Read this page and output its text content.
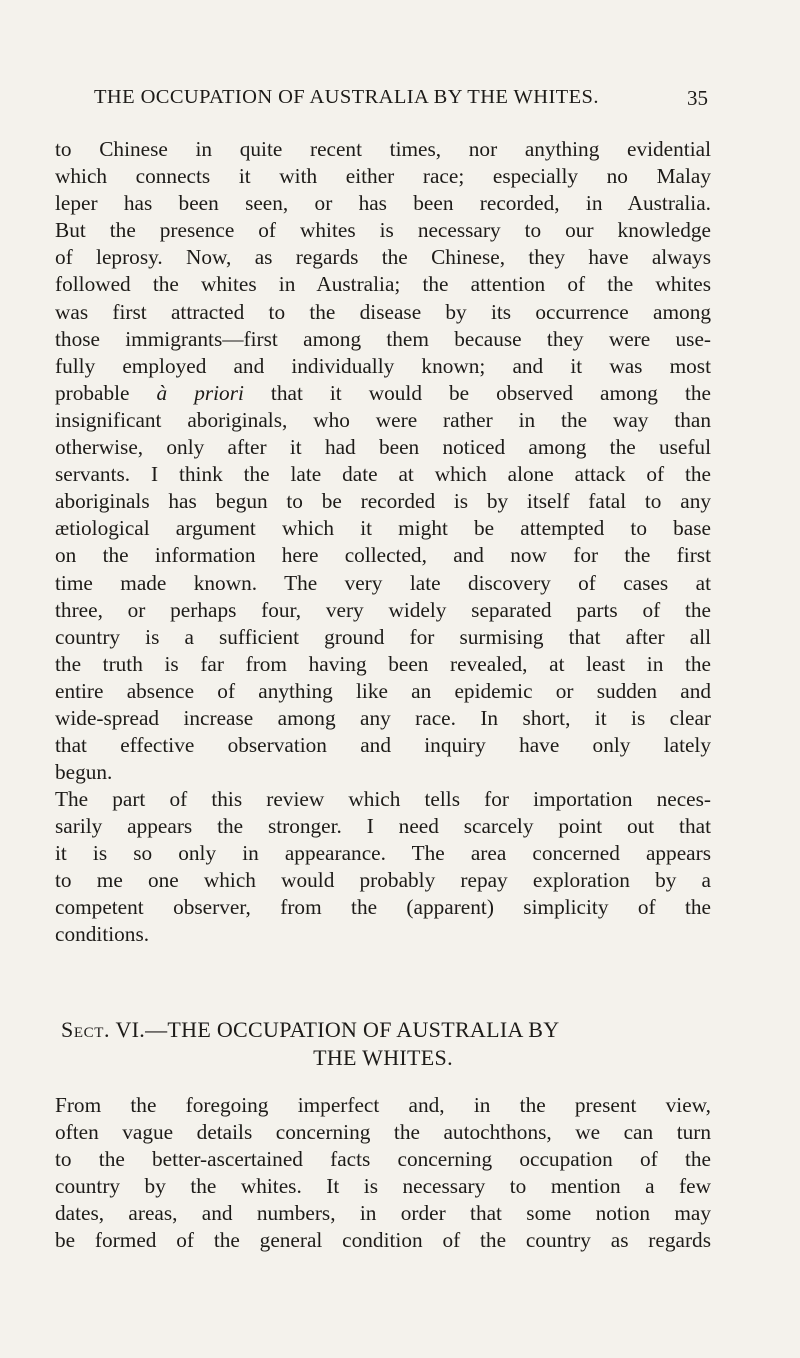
THE OCCUPATION OF AUSTRALIA BY THE WHITES.	35
to Chinese in quite recent times, nor anything evidential
which connects it with either race; especially no Malay
leper has been seen, or has been recorded, in Australia.
But the presence of whites is necessary to our knowledge
of leprosy. Now, as regards the Chinese, they have always
followed the whites in Australia; the attention of the whites
was first attracted to the disease by its occurrence among
those immigrants—first among them because they were use-
fully employed and individually known; and it was most
probable à priori that it would be observed among the
insignificant aboriginals, who were rather in the way than
otherwise, only after it had been noticed among the useful
servants. I think the late date at which alone attack of the
aboriginals has begun to be recorded is by itself fatal to any
ætiological argument which it might be attempted to base
on the information here collected, and now for the first
time made known. The very late discovery of cases at
three, or perhaps four, very widely separated parts of the
country is a sufficient ground for surmising that after all
the truth is far from having been revealed, at least in the
entire absence of anything like an epidemic or sudden and
wide-spread increase among any race. In short, it is clear
that effective observation and inquiry have only lately
begun.
The part of this review which tells for importation neces-
sarily appears the stronger. I need scarcely point out that
it is so only in appearance. The area concerned appears
to me one which would probably repay exploration by a
competent observer, from the (apparent) simplicity of the
conditions.
Sect. VI.—THE OCCUPATION OF AUSTRALIA BY
THE WHITES.
From the foregoing imperfect and, in the present view,
often vague details concerning the autochthons, we can turn
to the better-ascertained facts concerning occupation of the
country by the whites. It is necessary to mention a few
dates, areas, and numbers, in order that some notion may
be formed of the general condition of the country as regards
